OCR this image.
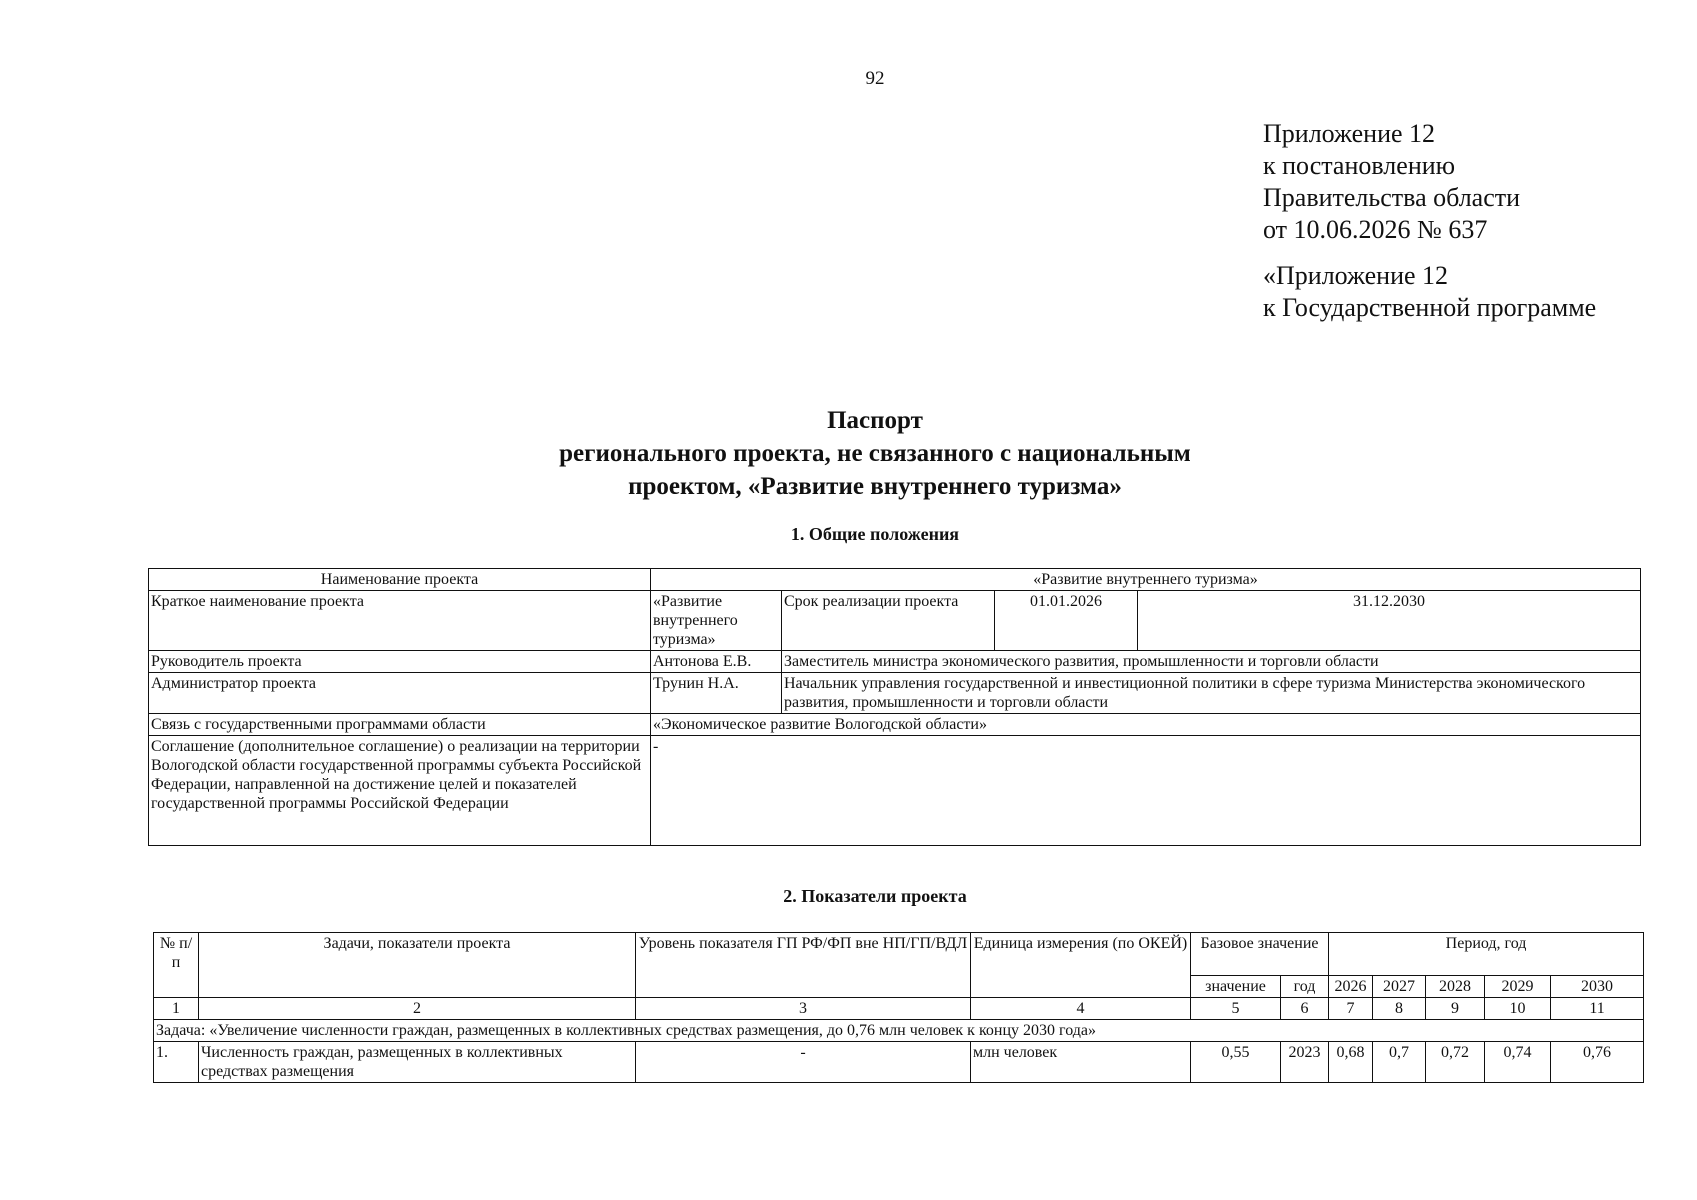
92
Приложение 12
к постановлению
Правительства области
от 10.06.2026 № 637
«Приложение 12
к Государственной программе
Паспорт
регионального проекта, не связанного с национальным
проектом, «Развитие внутреннего туризма»
1. Общие положения
Наименование проекта	«Развитие внутреннего туризма»			
Краткое наименование проекта	«Развитие внутреннего туризма»	Срок реализации проекта	01.01.2026	31.12.2030
Руководитель проекта	Антонова Е.В.	Заместитель министра экономического развития, промышленности и торговли области		
Администратор проекта	Трунин Н.А.	Начальник управления государственной и инвестиционной политики в сфере туризма Министерства экономического развития, промышленности и торговли области		
Связь с государственными программами области	«Экономическое развитие Вологодской области»			
Соглашение (дополнительное соглашение) о реализации на территории Вологодской области государственной программы субъекта Российской Федерации, направленной на достижение целей и показателей государственной программы Российской Федерации	-			
2. Показатели проекта
№ п/п	Задачи, показатели проекта	Уровень показателя ГП РФ/ФП вне НП/ГП/ВДЛ	Единица измерения (по ОКЕЙ)	Базовое значение		Период, год				
				значение	год	2026	2027	2028	2029	2030
1	2	3	4	5	6	7	8	9	10	11
Задача: «Увеличение численности граждан, размещенных в коллективных средствах размещения, до 0,76 млн человек к концу 2030 года»										
1.	Численность граждан, размещенных в коллективных средствах размещения	-	млн человек	0,55	2023	0,68	0,7	0,72	0,74	0,76
